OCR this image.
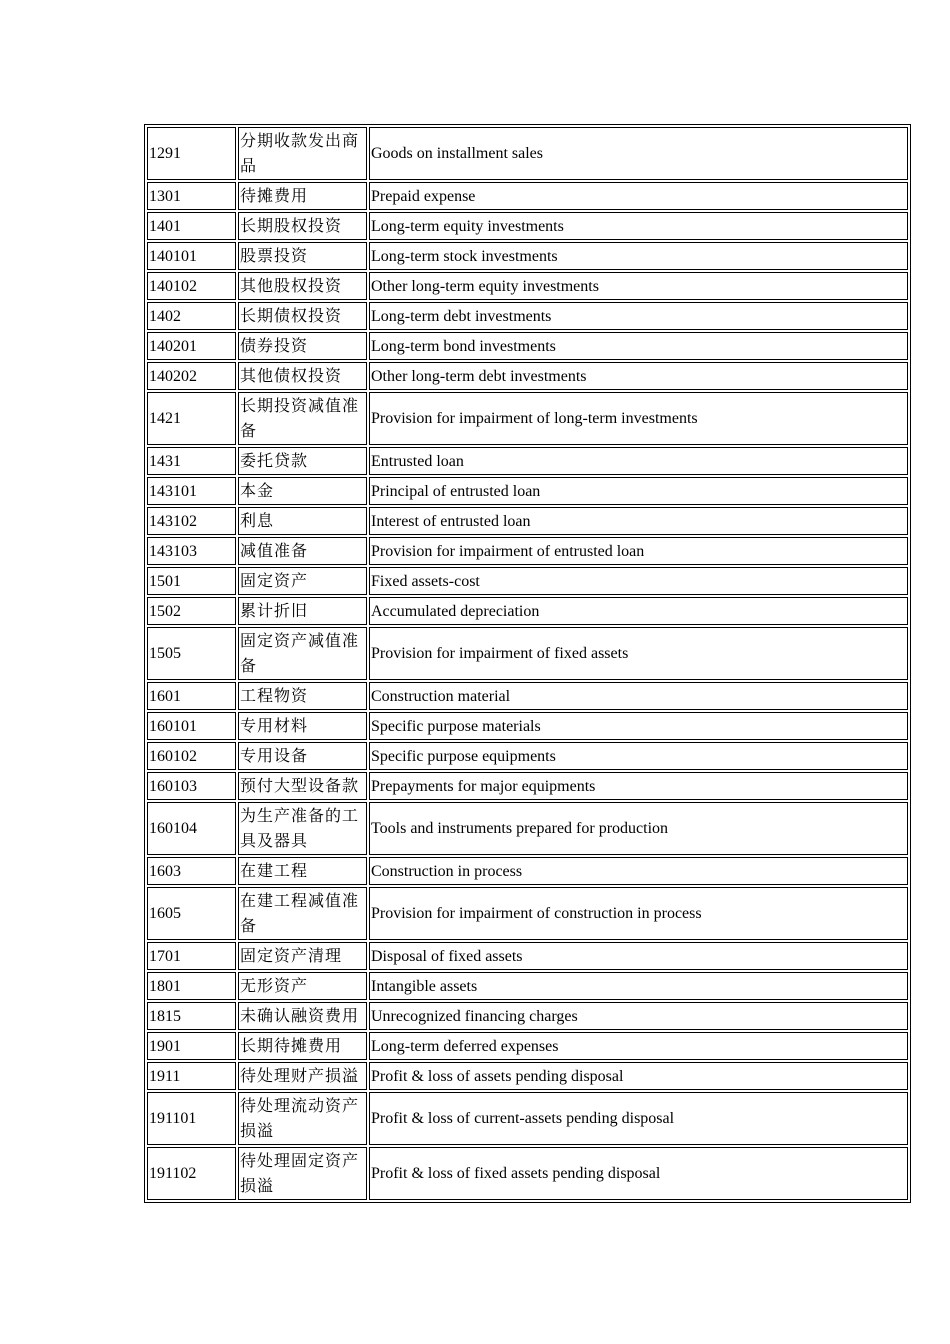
1291	分期收款发出商品	Goods on installment sales
1301	待摊费用	Prepaid expense
1401	长期股权投资	Long-term equity investments
140101	股票投资	Long-term stock investments
140102	其他股权投资	Other long-term equity investments
1402	长期债权投资	Long-term debt investments
140201	债券投资	Long-term bond investments
140202	其他债权投资	Other long-term debt investments
1421	长期投资减值准备	Provision for impairment of long-term investments
1431	委托贷款	Entrusted loan
143101	本金	Principal of entrusted loan
143102	利息	Interest of entrusted loan
143103	减值准备	Provision for impairment of entrusted loan
1501	固定资产	Fixed assets-cost
1502	累计折旧	Accumulated depreciation
1505	固定资产减值准备	Provision for impairment of fixed assets
1601	工程物资	Construction material
160101	专用材料	Specific purpose materials
160102	专用设备	Specific purpose equipments
160103	预付大型设备款	Prepayments for major equipments
160104	为生产准备的工具及器具	Tools and instruments prepared for production
1603	在建工程	Construction in process
1605	在建工程减值准备	Provision for impairment of construction in process
1701	固定资产清理	Disposal of fixed assets
1801	无形资产	Intangible assets
1815	未确认融资费用	Unrecognized financing charges
1901	长期待摊费用	Long-term deferred expenses
1911	待处理财产损溢	Profit & loss of assets pending disposal
191101	待处理流动资产损溢	Profit & loss of current-assets pending disposal
191102	待处理固定资产损溢	Profit & loss of fixed assets pending disposal
